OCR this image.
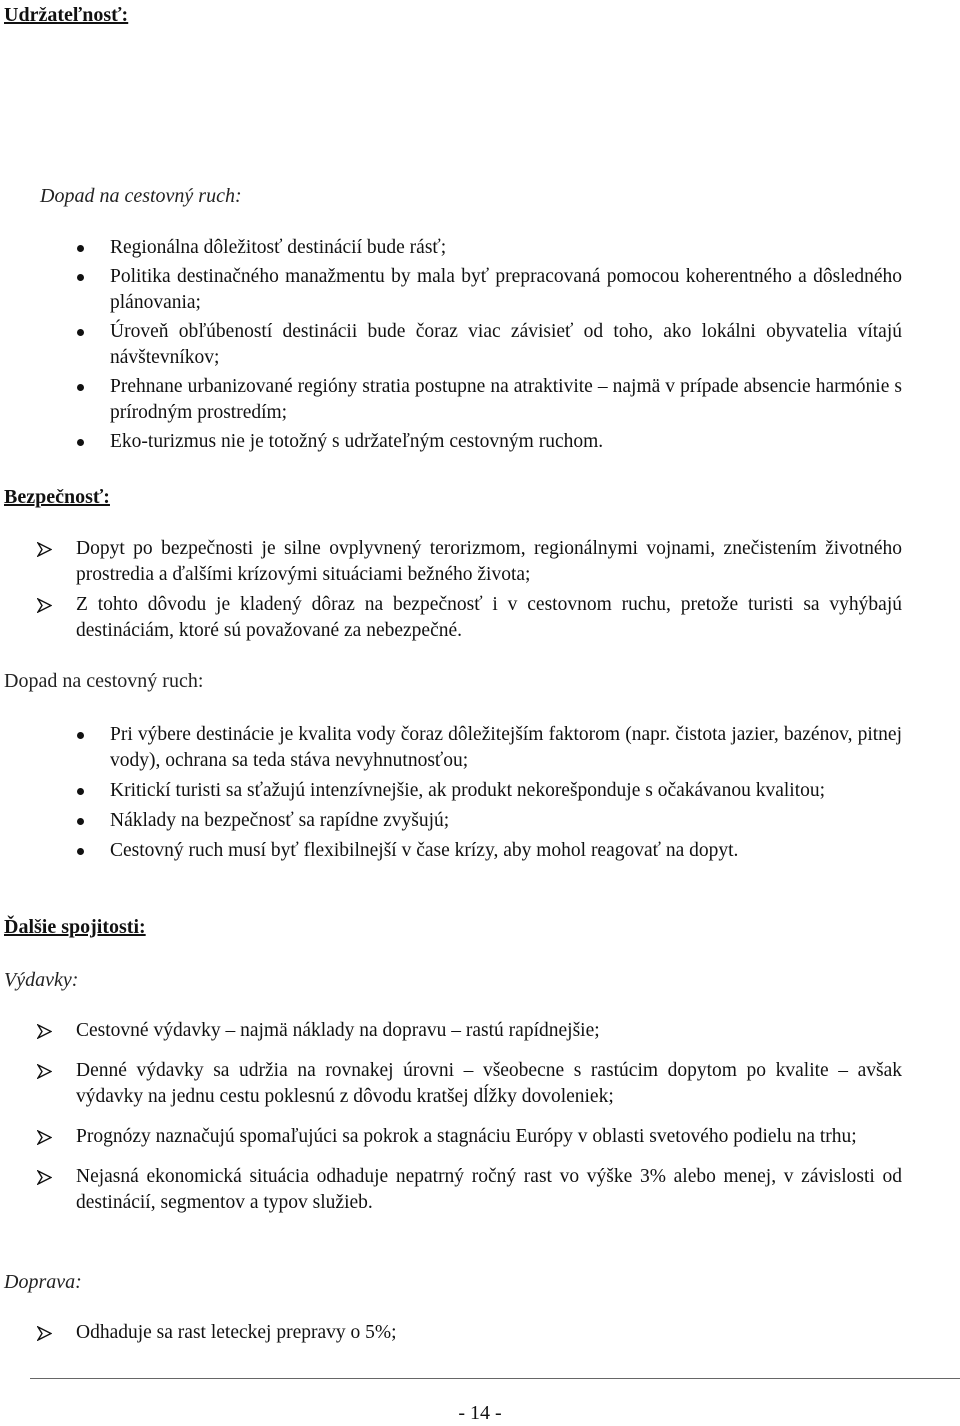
Udržateľnosť:

Dopad na cestovný ruch:

Regionálna dôležitosť destinácií bude rásť;
Politika destinačného manažmentu by mala byť prepracovaná pomocou koherentného a dôsledného plánovania;
Úroveň obľúbeností destinácii bude čoraz viac závisieť od toho, ako lokálni obyvatelia vítajú návštevníkov;
Prehnane urbanizované regióny stratia postupne na atraktivite – najmä v prípade absencie harmónie s prírodným prostredím;
Eko-turizmus nie je totožný s udržateľným cestovným ruchom.
Bezpečnosť:
Dopyt po bezpečnosti je silne ovplyvnený terorizmom, regionálnymi vojnami, znečistením životného prostredia a ďalšími krízovými situáciami bežného života;
Z tohto dôvodu je kladený dôraz na bezpečnosť i v cestovnom ruchu, pretože turisti sa vyhýbajú destináciám, ktoré sú považované za nebezpečné.

Dopad na cestovný ruch:

Pri výbere destinácie je kvalita vody čoraz dôležitejším faktorom (napr. čistota jazier, bazénov, pitnej vody), ochrana sa teda stáva nevyhnutnosťou;
Kritickí turisti sa sťažujú intenzívnejšie, ak produkt nekorešponduje s očakávanou kvalitou;
Náklady na bezpečnosť sa rapídne zvyšujú;
Cestovný ruch musí byť flexibilnejší v čase krízy, aby mohol reagovať na dopyt.
Ďalšie spojitosti:

Výdavky:

Cestovné výdavky – najmä náklady na dopravu – rastú rapídnejšie;
Denné výdavky sa udržia na rovnakej úrovni – všeobecne s rastúcim dopytom po kvalite – avšak výdavky na jednu cestu poklesnú z dôvodu kratšej dĺžky dovoleniek;
Prognózy naznačujú spomaľujúci sa pokrok a stagnáciu Európy v oblasti svetového podielu na trhu;
Nejasná ekonomická situácia odhaduje nepatrný ročný rast vo výške 3% alebo menej, v závislosti od destinácií, segmentov a typov služieb.

Doprava:

Odhaduje sa rast leteckej prepravy o 5%;
- 14 -
